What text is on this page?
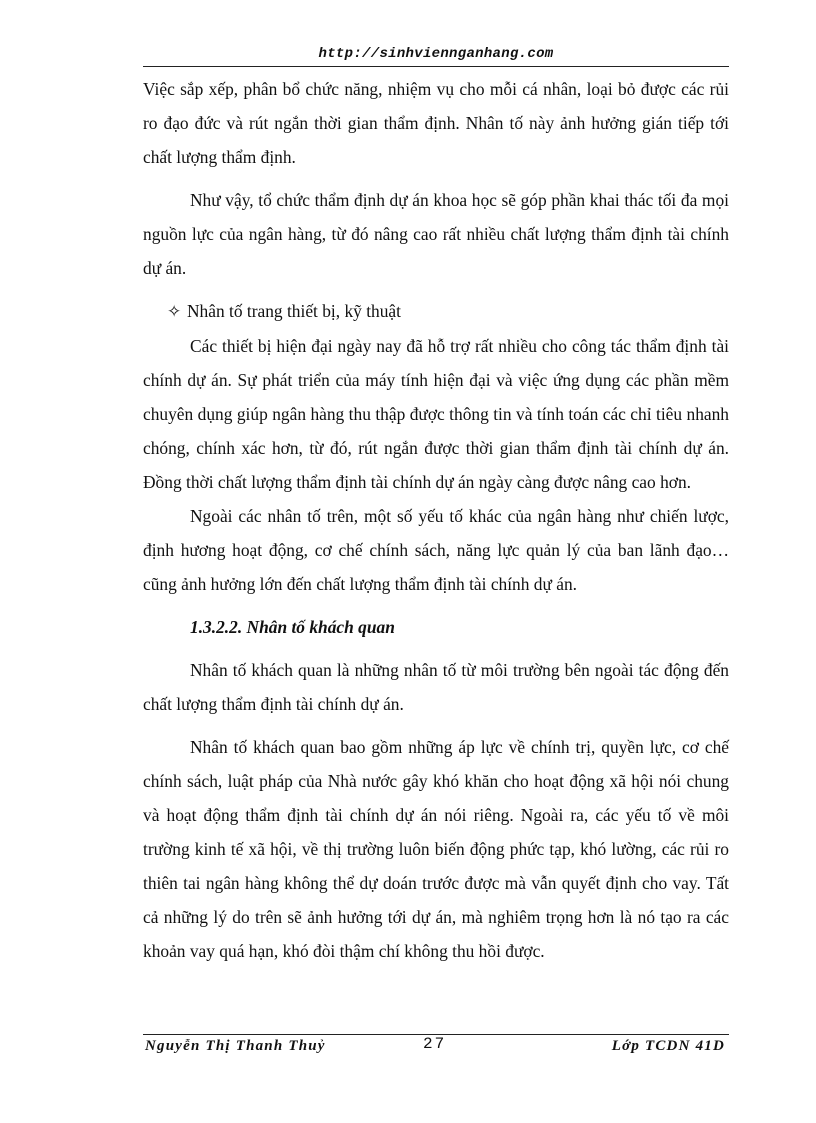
http://sinhviennganhang.com

Việc sắp xếp, phân bổ chức năng, nhiệm vụ cho mỗi cá nhân, loại bỏ được các rủi ro đạo đức và rút ngắn thời gian thẩm định. Nhân tố này ảnh hưởng gián tiếp tới chất lượng thẩm định.

Như vậy, tổ chức thẩm định dự án khoa học sẽ góp phần khai thác tối đa mọi nguồn lực của ngân hàng, từ đó nâng cao rất nhiều chất lượng thẩm định tài chính dự án.

✧ Nhân tố trang thiết bị, kỹ thuật

Các thiết bị hiện đại ngày nay đã hỗ trợ rất nhiều cho công tác thẩm định tài chính dự án. Sự phát triển của máy tính hiện đại và việc ứng dụng các phần mềm chuyên dụng giúp ngân hàng thu thập được thông tin và tính toán các chỉ tiêu nhanh chóng, chính xác hơn, từ đó, rút ngắn được thời gian thẩm định tài chính dự án. Đồng thời chất lượng thẩm định tài chính dự án ngày càng được nâng cao hơn.

Ngoài các nhân tố trên, một số yếu tố khác của ngân hàng như chiến lược, định hương hoạt động, cơ chế chính sách, năng lực quản lý của ban lãnh đạo… cũng ảnh hưởng lớn đến chất lượng thẩm định tài chính dự án.

1.3.2.2. Nhân tố khách quan

Nhân tố khách quan là những nhân tố từ môi trường bên ngoài tác động đến chất lượng thẩm định tài chính dự án.

Nhân tố khách quan bao gồm những áp lực về chính trị, quyền lực, cơ chế chính sách, luật pháp của Nhà nước gây khó khăn cho hoạt động xã hội nói chung và hoạt động thẩm định tài chính dự án nói riêng. Ngoài ra, các yếu tố về môi trường kinh tế xã hội, về thị trường luôn biến động phức tạp, khó lường, các rủi ro thiên tai ngân hàng không thể dự doán trước được mà vẫn quyết định cho vay. Tất cả những lý do trên sẽ ảnh hưởng tới dự án, mà nghiêm trọng hơn là nó tạo ra các khoản vay quá hạn, khó đòi thậm chí không thu hồi được.

Nguyễn Thị Thanh Thuỷ	27	Lớp TCDN 41D
